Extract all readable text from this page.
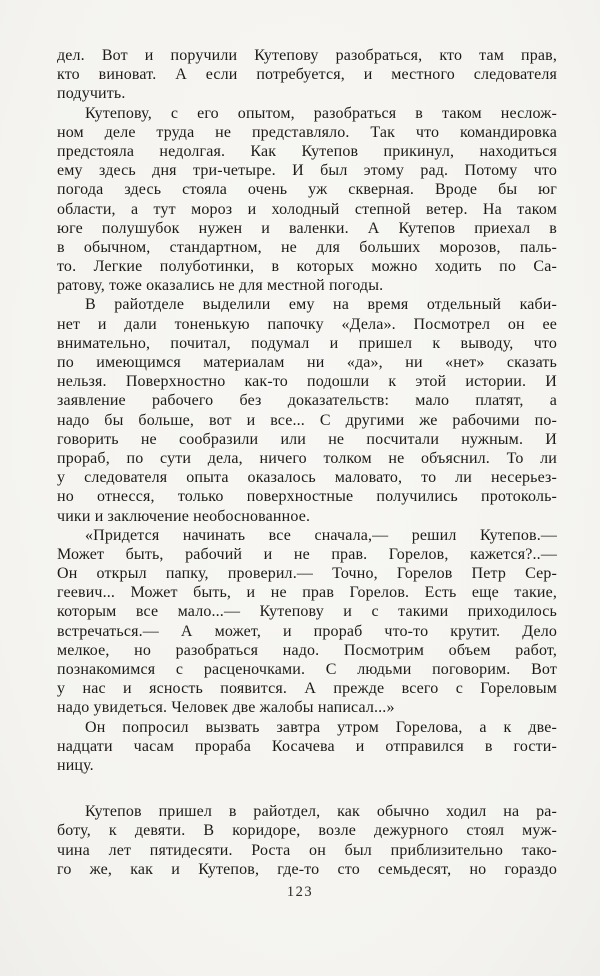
дел. Вот и поручили Кутепову разобраться, кто там прав,
кто виноват. А если потребуется, и местного следователя
подучить.
Кутепову, с его опытом, разобраться в таком неслож-
ном деле труда не представляло. Так что командировка
предстояла недолгая. Как Кутепов прикинул, находиться
ему здесь дня три-четыре. И был этому рад. Потому что
погода здесь стояла очень уж скверная. Вроде бы юг
области, а тут мороз и холодный степной ветер. На таком
юге полушубок нужен и валенки. А Кутепов приехал в
в обычном, стандартном, не для больших морозов, паль-
то. Легкие полуботинки, в которых можно ходить по Са-
ратову, тоже оказались не для местной погоды.
В райотделе выделили ему на время отдельный каби-
нет и дали тоненькую папочку «Дела». Посмотрел он ее
внимательно, почитал, подумал и пришел к выводу, что
по имеющимся материалам ни «да», ни «нет» сказать
нельзя. Поверхностно как-то подошли к этой истории. И
заявление рабочего без доказательств: мало платят, а
надо бы больше, вот и все... С другими же рабочими по-
говорить не сообразили или не посчитали нужным. И
прораб, по сути дела, ничего толком не объяснил. То ли
у следователя опыта оказалось маловато, то ли несерьез-
но отнесся, только поверхностные получились протоколь-
чики и заключение необоснованное.
«Придется начинать все сначала,— решил Кутепов.—
Может быть, рабочий и не прав. Горелов, кажется?..—
Он открыл папку, проверил.— Точно, Горелов Петр Сер-
геевич... Может быть, и не прав Горелов. Есть еще такие,
которым все мало...— Кутепову и с такими приходилось
встречаться.— А может, и прораб что-то крутит. Дело
мелкое, но разобраться надо. Посмотрим объем работ,
познакомимся с расценочками. С людьми поговорим. Вот
у нас и ясность появится. А прежде всего с Гореловым
надо увидеться. Человек две жалобы написал...»
Он попросил вызвать завтра утром Горелова, а к две-
надцати часам прораба Косачева и отправился в гости-
ницу.
Кутепов пришел в райотдел, как обычно ходил на ра-
боту, к девяти. В коридоре, возле дежурного стоял муж-
чина лет пятидесяти. Роста он был приблизительно тако-
го же, как и Кутепов, где-то сто семьдесят, но гораздо
123
